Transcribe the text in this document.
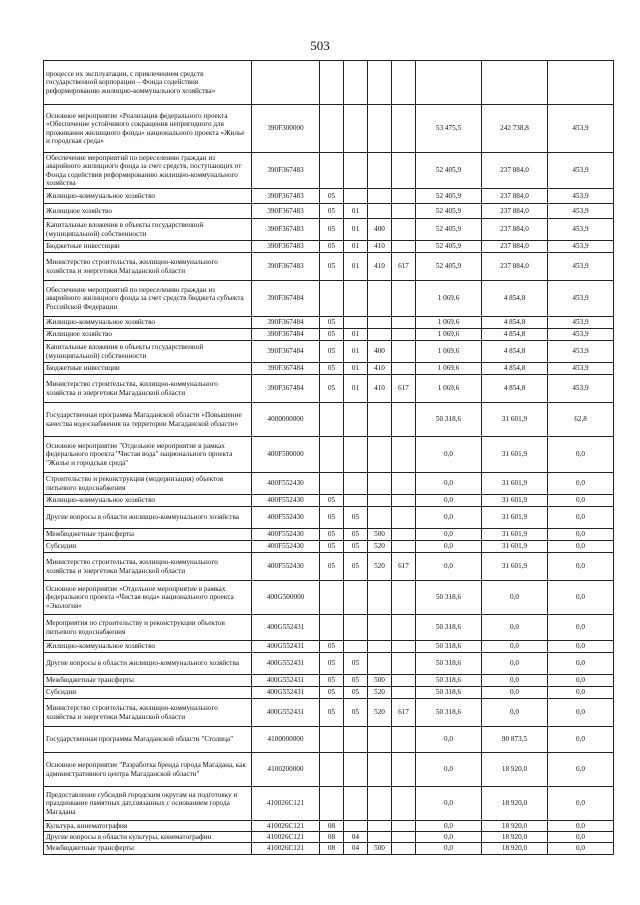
503
процессе их эксплуатации, с привлечением средств государственной корпорации – Фонда содействия реформированию жилищно-коммунального хозяйства»								
Основное мероприятие «Реализация федерального проекта «Обеспечение устойчивого сокращения непригодного для проживания жилищного фонда» национального проекта «Жилье и городская среда»	390F300000					53 475,5	242 738,8	453,9
Обеспечение мероприятий по переселению граждан из аварийного жилищного фонда за счет средств, поступающих от Фонда содействия реформированию жилищно-коммунального хозяйства	390F367483					52 405,9	237 884,0	453,9
Жилищно-коммунальное хозяйство	390F367483	05				52 405,9	237 884,0	453,9
Жилищное хозяйство	390F367483	05	01			52 405,9	237 884,0	453,9
Капитальные вложения в объекты государственной (муниципальной) собственности	390F367483	05	01	400		52 405,9	237 884,0	453,9
Бюджетные инвестиции	390F367483	05	01	410		52 405,9	237 884,0	453,9
Министерство строительства, жилищно-коммунального хозяйства и энергетики Магаданской области	390F367483	05	01	410	617	52 405,9	237 884,0	453,9
Обеспечение мероприятий по переселению граждан из аварийного жилищного фонда за счет средств бюджета субъекта Российской Федерации	390F367484					1 069,6	4 854,8	453,9
Жилищно-коммунальное хозяйство	390F367484	05				1 069,6	4 854,8	453,9
Жилищное хозяйство	390F367484	05	01			1 069,6	4 854,8	453,9
Капитальные вложения в объекты государственной (муниципальной) собственности	390F367484	05	01	400		1 069,6	4 854,8	453,9
Бюджетные инвестиции	390F367484	05	01	410		1 069,6	4 854,8	453,9
Министерство строительства, жилищно-коммунального хозяйства и энергетики Магаданской области	390F367484	05	01	410	617	1 069,6	4 854,8	453,9
Государственная программа Магаданской области «Повышение качества водоснабжения на территории Магаданской области»	4000000000					50 318,6	31 601,9	62,8
Основное мероприятие "Отдельное мероприятие в рамках федерального проекта "Чистая вода" национального проекта "Жилье и городская среда"	400F500000					0,0	31 601,9	0,0
Строительство и реконструкция (модернизация) объектов питьевого водоснабжения	400F552430					0,0	31 601,9	0,0
Жилищно-коммунальное хозяйство	400F552430	05				0,0	31 601,9	0,0
Другие вопросы в области жилищно-коммунального хозяйства	400F552430	05	05			0,0	31 601,9	0,0
Межбюджетные трансферты	400F552430	05	05	500		0,0	31 601,9	0,0
Субсидии	400F552430	05	05	520		0,0	31 601,9	0,0
Министерство строительства, жилищно-коммунального хозяйства и энергетики Магаданской области	400F552430	05	05	520	617	0,0	31 601,9	0,0
Основное мероприятие «Отдельное мероприятие в рамках федерального проекта «Чистая вода» национального проекта «Экология»	400G500000					50 318,6	0,0	0,0
Мероприятия по строительству и реконструкции объектов питьевого водоснабжения	400G552431					50 318,6	0,0	0,0
Жилищно-коммунальное хозяйство	400G552431	05				50 318,6	0,0	0,0
Другие вопросы в области жилищно-коммунального хозяйства	400G552431	05	05			50 318,6	0,0	0,0
Межбюджетные трансферты	400G552431	05	05	500		50 318,6	0,0	0,0
Субсидии	400G552431	05	05	520		50 318,6	0,0	0,0
Министерство строительства, жилищно-коммунального хозяйства и энергетики Магаданской области	400G552431	05	05	520	617	50 318,6	0,0	0,0
Государственная программа Магаданской области "Столица"	4100000000					0,0	90 873,5	0,0
Основное мероприятие "Разработка бренда города Магадана, как административного центра Магаданской области"	4100200000					0,0	18 920,0	0,0
Предоставление субсидий городским округам на подготовку и празднование памятных дат,связанных с основанием города Магадана	410026C121					0,0	18 920,0	0,0
Культура, кинематография	410026C121	08				0,0	18 920,0	0,0
Другие вопросы в области культуры, кинематографии	410026C121	08	04			0,0	18 920,0	0,0
Межбюджетные трансферты	410026C121	08	04	500		0,0	18 920,0	0,0
